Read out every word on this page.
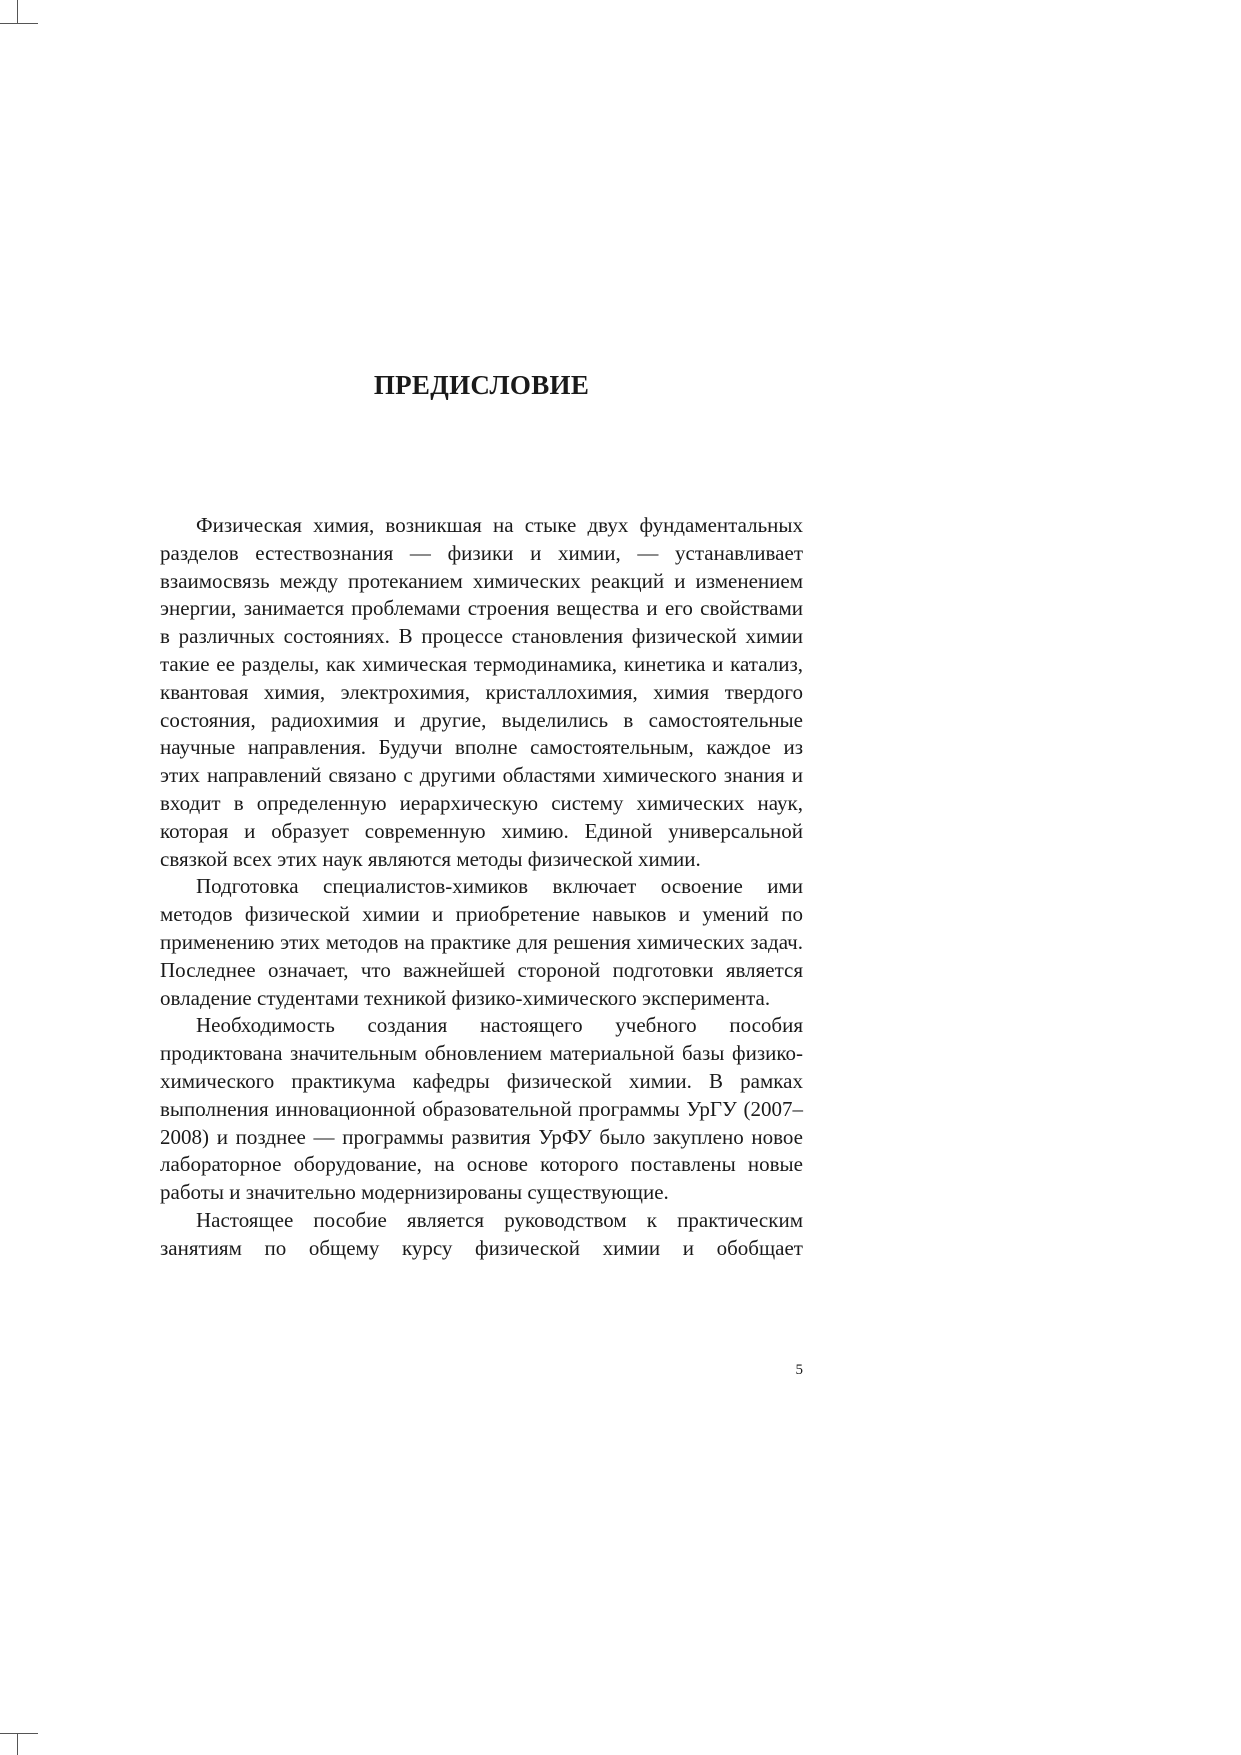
ПРЕДИСЛОВИЕ

Физическая химия, возникшая на стыке двух фундаментальных разделов естествознания — физики и химии, — устанавливает взаимосвязь между протеканием химических реакций и изменением энергии, занимается проблемами строения вещества и его свойствами в различных состояниях. В процессе становления физической химии такие ее разделы, как химическая термодинамика, кинетика и катализ, квантовая химия, электрохимия, кристаллохимия, химия твердого состояния, радиохимия и другие, выделились в самостоятельные научные направления. Будучи вполне самостоятельным, каждое из этих направлений связано с другими областями химического знания и входит в определенную иерархическую систему химических наук, которая и образует современную химию. Единой универсальной связкой всех этих наук являются методы физической химии.

Подготовка специалистов-химиков включает освоение ими методов физической химии и приобретение навыков и умений по применению этих методов на практике для решения химических задач. Последнее означает, что важнейшей стороной подготовки является овладение студентами техникой физико-химического эксперимента.

Необходимость создания настоящего учебного пособия продиктована значительным обновлением материальной базы физико-химического практикума кафедры физической химии. В рамках выполнения инновационной образовательной программы УрГУ (2007–2008) и позднее — программы развития УрФУ было закуплено новое лабораторное оборудование, на основе которого поставлены новые работы и значительно модернизированы существующие.

Настоящее пособие является руководством к практическим занятиям по общему курсу физической химии и обобщает

5
